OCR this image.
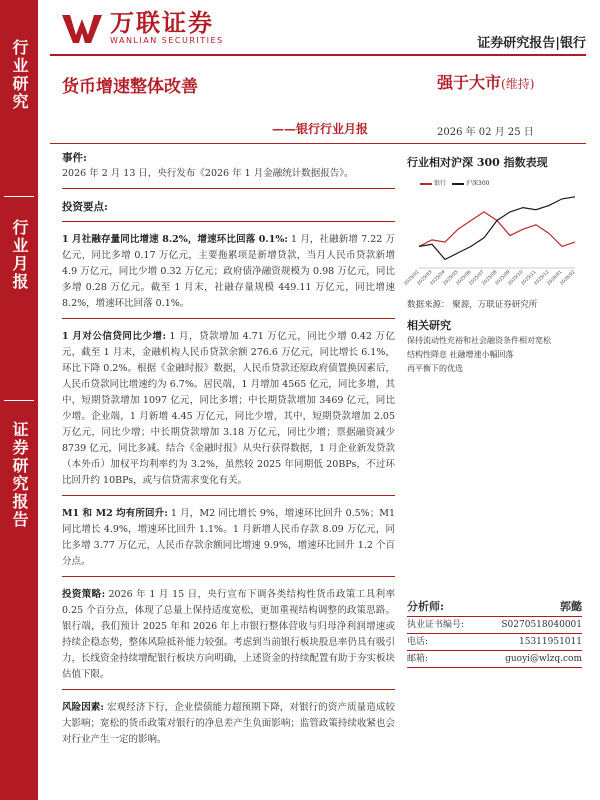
行业研究
行业月报
证券研究报告
万联证券
WANLIAN SECURITIES	证券研究报告|银行
货币增速整体改善	强于大市(维持)
——银行行业月报	2026 年 02 月 25 日
事件:

2026 年 2 月 13 日，央行发布《2026 年 1 月金融统计数据报告》。

投资要点:

1 月社融存量同比增速 8.2%，增速环比回落 0.1%: 1 月，社融新增 7.22 万亿元，同比多增 0.17 万亿元，主要拖累项是新增贷款，当月人民币贷款新增 4.9 万亿元，同比少增 0.32 万亿元；政府债净融资规模为 0.98 万亿元，同比多增 0.28 万亿元。截至 1 月末，社融存量规模 449.11 万亿元，同比增速 8.2%，增速环比回落 0.1%。

1 月对公信贷同比少增: 1 月，贷款增加 4.71 万亿元，同比少增 0.42 万亿元，截至 1 月末，金融机构人民币贷款余额 276.6 万亿元，同比增长 6.1%，环比下降 0.2%。根据《金融时报》数据，人民币贷款还原政府债置换因素后，人民币贷款同比增速约为 6.7%。居民端，1 月增加 4565 亿元，同比多增，其中，短期贷款增加 1097 亿元，同比多增；中长期贷款增加 3469 亿元，同比少增。企业端，1 月新增 4.45 万亿元，同比少增，其中，短期贷款增加 2.05 万亿元，同比少增；中长期贷款增加 3.18 万亿元，同比少增；票据融资减少 8739 亿元，同比多减。结合《金融时报》从央行获得数据，1 月企业新发贷款（本外币）加权平均利率约为 3.2%，虽然较 2025 年同期低 20BPs，不过环比回升约 10BPs，或与信贷需求变化有关。

M1 和 M2 均有所回升: 1 月，M2 同比增长 9%，增速环比回升 0.5%；M1 同比增长 4.9%，增速环比回升 1.1%。1 月新增人民币存款 8.09 万亿元，同比多增 3.77 万亿元，人民币存款余额同比增速 9.9%，增速环比回升 1.2 个百分点。

投资策略: 2026 年 1 月 15 日，央行宣布下调各类结构性货币政策工具利率 0.25 个百分点，体现了总量上保持适度宽松，更加重视结构调整的政策思路。银行端，我们预计 2025 年和 2026 年上市银行整体营收与归母净利润增速或持续企稳态势，整体风险抵补能力较强。考虑到当前银行板块股息率仍具有吸引力，长线资金持续增配银行板块方向明确，上述资金的持续配置有助于夯实板块估值下限。

风险因素: 宏观经济下行，企业偿债能力超预期下降，对银行的资产质量造成较大影响；宽松的货币政策对银行的净息差产生负面影响；监管政策持续收紧也会对行业产生一定的影响。

行业相对沪深 300 指数表现
银行	沪深300
2025/02
2025/03
2025/04
2025/05
2025/06
2025/07
2025/08
2025/09
2025/10
2025/11
2025/12
2026/01
2026/02
数据来源： 聚源，万联证券研究所
相关研究
保持流动性充裕和社会融资条件相对宽松
结构性降息 社融增速小幅回落
再平衡下的优选
分析师:	郭懿
执业证书编号:	S0270518040001
电话:	15311951011
邮箱:	guoyi@wlzq.com
